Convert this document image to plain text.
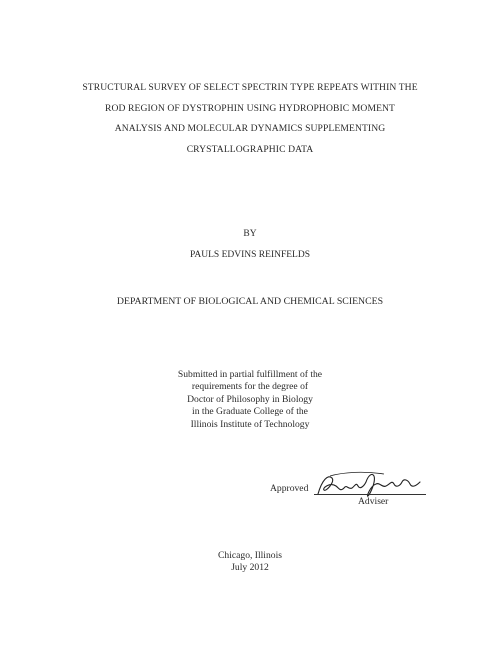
STRUCTURAL SURVEY OF SELECT SPECTRIN TYPE REPEATS WITHIN THE
ROD REGION OF DYSTROPHIN USING HYDROPHOBIC MOMENT
ANALYSIS AND MOLECULAR DYNAMICS SUPPLEMENTING
CRYSTALLOGRAPHIC DATA
BY
PAULS EDVINS REINFELDS
DEPARTMENT OF BIOLOGICAL AND CHEMICAL SCIENCES
Submitted in partial fulfillment of the
requirements for the degree of
Doctor of Philosophy in Biology
in the Graduate College of the
Illinois Institute of Technology
Approved
Adviser
Chicago, Illinois
July 2012
